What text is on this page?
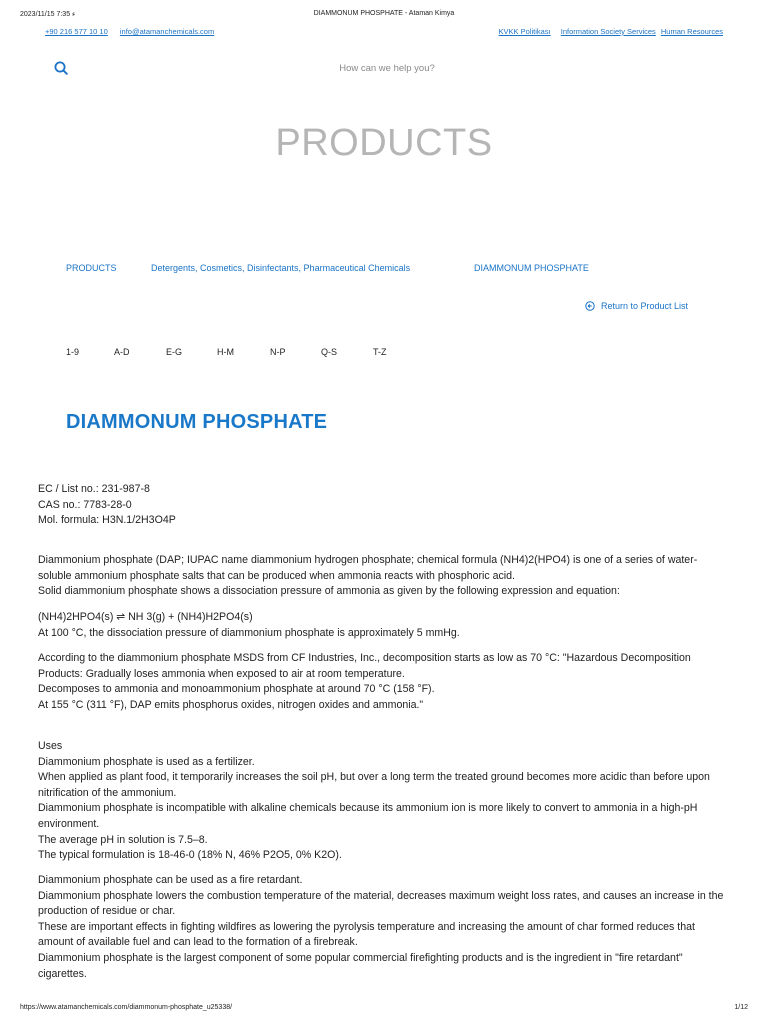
ء 7:35 2023/11/15	DIAMMONUM PHOSPHATE - Ataman Kimya
+90 216 577 10 10 info@atamanchemicals.com	KVKK Politikası Information Society Services Human Resources
How can we help you?
PRODUCTS
PRODUCTS	Detergents, Cosmetics, Disinfectants, Pharmaceutical Chemicals	DIAMMONUM PHOSPHATE
Return to Product List
1-9	A-D	E-G	H-M	N-P	Q-S	T-Z
DIAMMONUM PHOSPHATE

EC / List no.: 231-987-8

CAS no.: 7783-28-0

Mol. formula: H3N.1/2H3O4P

Diammonium phosphate (DAP; IUPAC name diammonium hydrogen phosphate; chemical formula (NH4)2(HPO4) is one of a series of water-soluble ammonium phosphate salts that can be produced when ammonia reacts with phosphoric acid.

Solid diammonium phosphate shows a dissociation pressure of ammonia as given by the following expression and equation:

(NH4)2HPO4(s) ⇌ NH 3(g) + (NH4)H2PO4(s)

At 100 °C, the dissociation pressure of diammonium phosphate is approximately 5 mmHg.

According to the diammonium phosphate MSDS from CF Industries, Inc., decomposition starts as low as 70 °C: "Hazardous Decomposition Products: Gradually loses ammonia when exposed to air at room temperature.

Decomposes to ammonia and monoammonium phosphate at around 70 °C (158 °F).

At 155 °C (311 °F), DAP emits phosphorus oxides, nitrogen oxides and ammonia."

Uses

Diammonium phosphate is used as a fertilizer.

When applied as plant food, it temporarily increases the soil pH, but over a long term the treated ground becomes more acidic than before upon nitrification of the ammonium.

Diammonium phosphate is incompatible with alkaline chemicals because its ammonium ion is more likely to convert to ammonia in a high-pH environment.

The average pH in solution is 7.5–8.

The typical formulation is 18-46-0 (18% N, 46% P2O5, 0% K2O).

Diammonium phosphate can be used as a fire retardant.

Diammonium phosphate lowers the combustion temperature of the material, decreases maximum weight loss rates, and causes an increase in the production of residue or char.

These are important effects in fighting wildfires as lowering the pyrolysis temperature and increasing the amount of char formed reduces that amount of available fuel and can lead to the formation of a firebreak.

Diammonium phosphate is the largest component of some popular commercial firefighting products and is the ingredient in "fire retardant" cigarettes.

https://www.atamanchemicals.com/diammonum-phosphate_u25338/	1/12
